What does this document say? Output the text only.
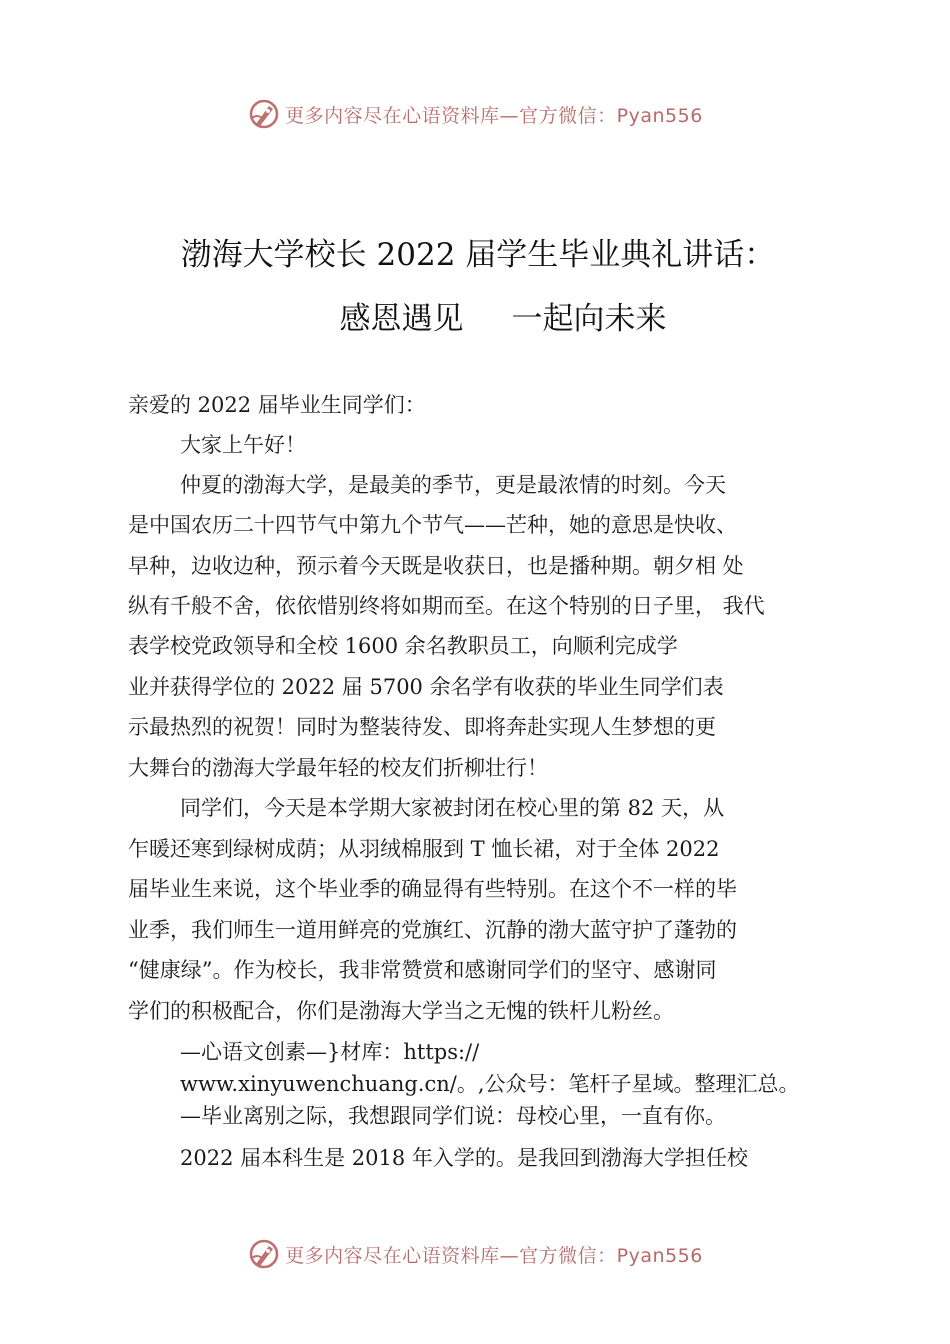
更多内容尽在心语资料库—官方微信：Pyan556
渤海大学校长 2022 届学生毕业典礼讲话：
感恩遇见 一起向未来
亲爱的 2022 届毕业生同学们：
大家上午好！
仲夏的渤海大学，是最美的季节，更是最浓情的时刻。今天
是中国农历二十四节气中第九个节气——芒种，她的意思是快收、
早种，边收边种，预示着今天既是收获日，也是播种期。朝夕相 处
纵有千般不舍，依依惜别终将如期而至。在这个特别的日子里， 我代
表学校党政领导和全校 1600 余名教职员工，向顺利完成学
业并获得学位的 2022 届 5700 余名学有收获的毕业生同学们表
示最热烈的祝贺！同时为整装待发、即将奔赴实现人生梦想的更
大舞台的渤海大学最年轻的校友们折柳壮行！
同学们，今天是本学期大家被封闭在校心里的第 82 天，从
乍暖还寒到绿树成荫；从羽绒棉服到 T 恤长裙，对于全体 2022
届毕业生来说，这个毕业季的确显得有些特别。在这个不一样的毕
业季，我们师生一道用鲜亮的党旗红、沉静的渤大蓝守护了蓬勃的
“健康绿”。作为校长，我非常赞赏和感谢同学们的坚守、感谢同
学们的积极配合，你们是渤海大学当之无愧的铁杆儿粉丝。
—心语文创素—}材库：https://
www.xinyuwenchuang.cn/。,公众号：笔杆子星域。整理汇总。
—毕业离别之际，我想跟同学们说：母校心里，一直有你。
2022 届本科生是 2018 年入学的。是我回到渤海大学担任校
更多内容尽在心语资料库—官方微信：Pyan556
